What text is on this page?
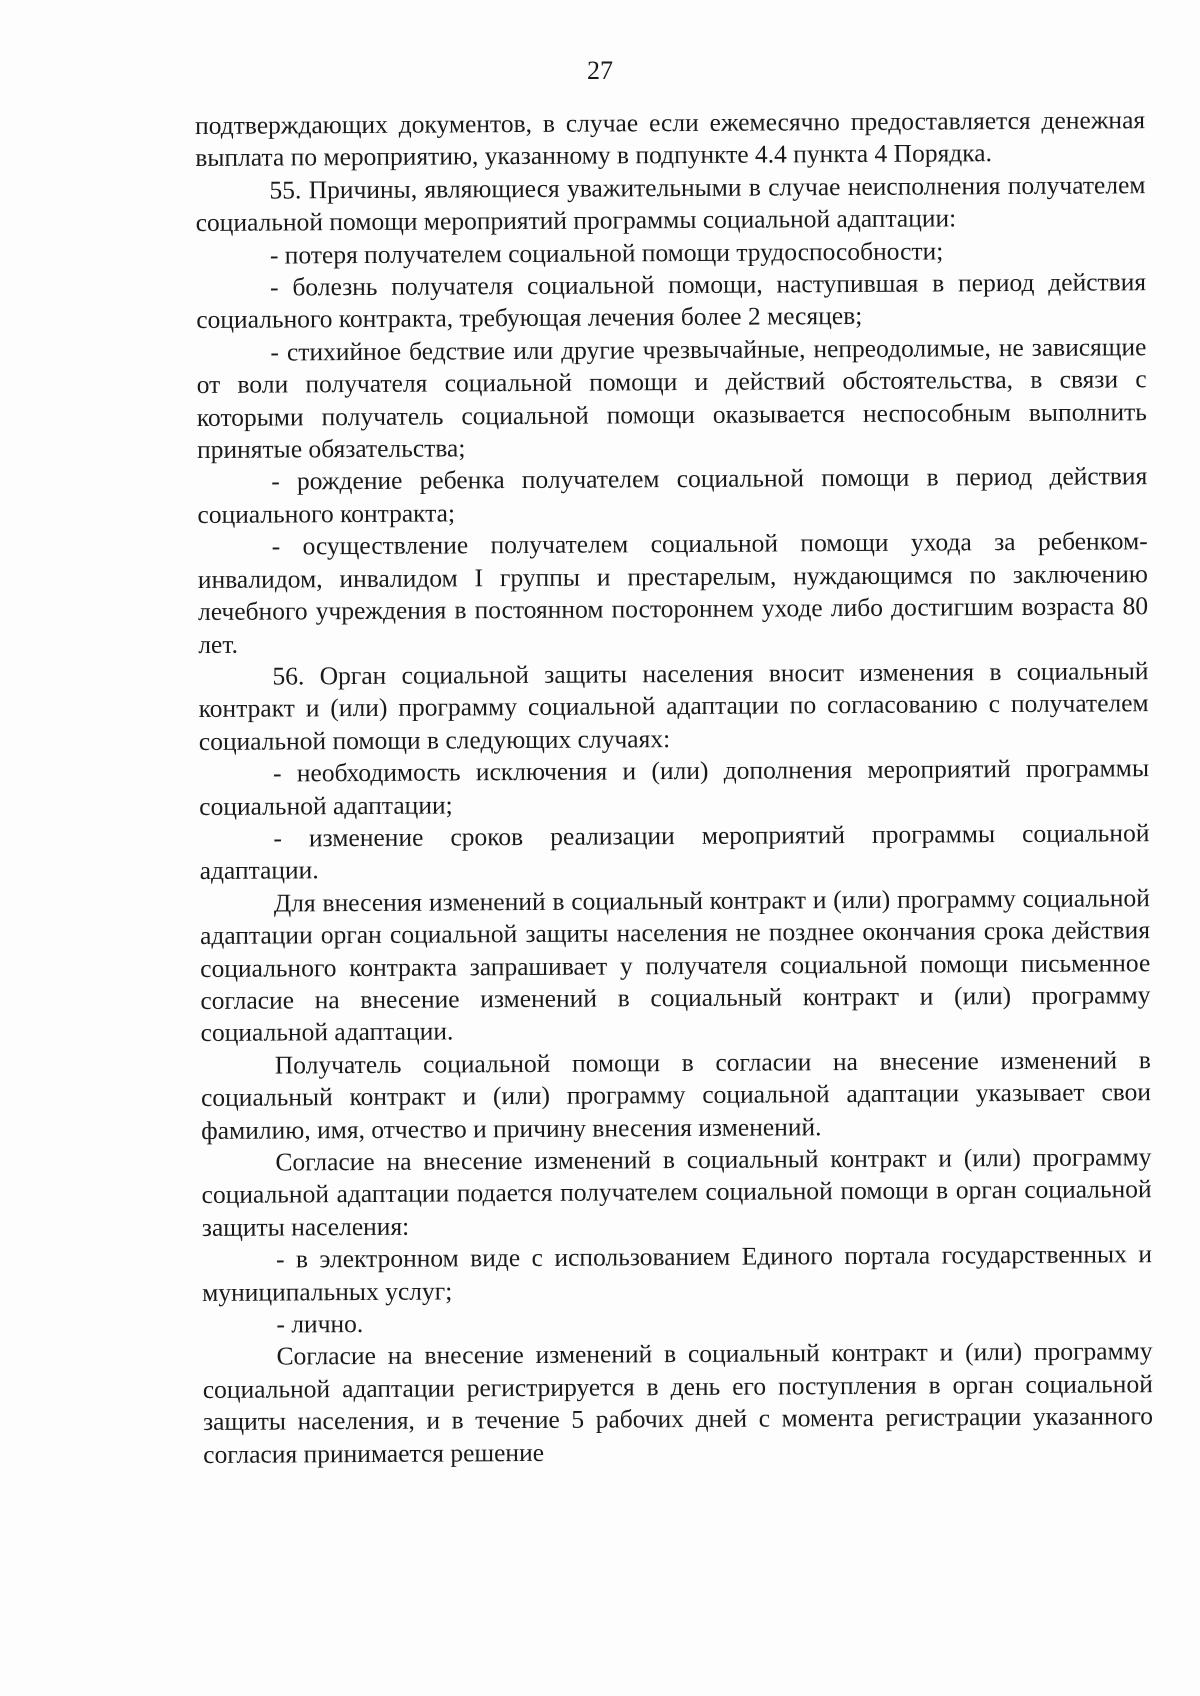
27

подтверждающих документов, в случае если ежемесячно предоставляется денежная выплата по мероприятию, указанному в подпункте 4.4 пункта 4 Порядка.

55. Причины, являющиеся уважительными в случае неисполнения получателем социальной помощи мероприятий программы социальной адаптации:

- потеря получателем социальной помощи трудоспособности;

- болезнь получателя социальной помощи, наступившая в период действия социального контракта, требующая лечения более 2 месяцев;

- стихийное бедствие или другие чрезвычайные, непреодолимые, не зависящие от воли получателя социальной помощи и действий обстоятельства, в связи с которыми получатель социальной помощи оказывается неспособным выполнить принятые обязательства;

- рождение ребенка получателем социальной помощи в период действия социального контракта;

- осуществление получателем социальной помощи ухода за ребенком-инвалидом, инвалидом I группы и престарелым, нуждающимся по заключению лечебного учреждения в постоянном постороннем уходе либо достигшим возраста 80 лет.

56. Орган социальной защиты населения вносит изменения в социальный контракт и (или) программу социальной адаптации по согласованию с получателем социальной помощи в следующих случаях:

- необходимость исключения и (или) дополнения мероприятий программы социальной адаптации;

- изменение сроков реализации мероприятий программы социальной адаптации.

Для внесения изменений в социальный контракт и (или) программу социальной адаптации орган социальной защиты населения не позднее окончания срока действия социального контракта запрашивает у получателя социальной помощи письменное согласие на внесение изменений в социальный контракт и (или) программу социальной адаптации.

Получатель социальной помощи в согласии на внесение изменений в социальный контракт и (или) программу социальной адаптации указывает свои фамилию, имя, отчество и причину внесения изменений.

Согласие на внесение изменений в социальный контракт и (или) программу социальной адаптации подается получателем социальной помощи в орган социальной защиты населения:

- в электронном виде с использованием Единого портала государственных и муниципальных услуг;

- лично.

Согласие на внесение изменений в социальный контракт и (или) программу социальной адаптации регистрируется в день его поступления в орган социальной защиты населения, и в течение 5 рабочих дней с момента регистрации указанного согласия принимается решение
